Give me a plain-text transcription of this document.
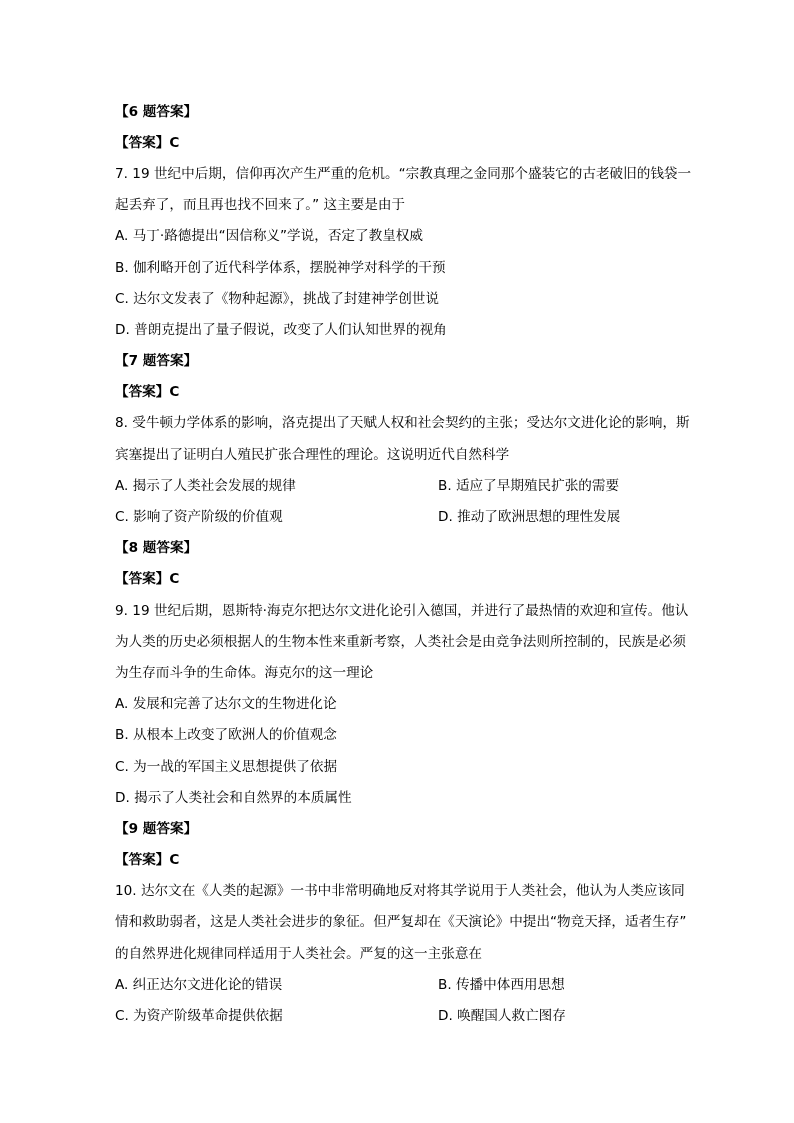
【6 题答案】
【答案】C
7. 19 世纪中后期，信仰再次产生严重的危机。“宗教真理之金同那个盛装它的古老破旧的钱袋一
起丢弃了，而且再也找不回来了。” 这主要是由于
A. 马丁·路德提出“因信称义”学说，否定了教皇权威
B. 伽利略开创了近代科学体系，摆脱神学对科学的干预
C. 达尔文发表了《物种起源》，挑战了封建神学创世说
D. 普朗克提出了量子假说，改变了人们认知世界的视角
【7 题答案】
【答案】C
8. 受牛顿力学体系的影响，洛克提出了天赋人权和社会契约的主张；受达尔文进化论的影响，斯
宾塞提出了证明白人殖民扩张合理性的理论。这说明近代自然科学
A. 揭示了人类社会发展的规律	B. 适应了早期殖民扩张的需要
C. 影响了资产阶级的价值观	D. 推动了欧洲思想的理性发展
【8 题答案】
【答案】C
9. 19 世纪后期，恩斯特·海克尔把达尔文进化论引入德国，并进行了最热情的欢迎和宣传。他认
为人类的历史必须根据人的生物本性来重新考察，人类社会是由竞争法则所控制的，民族是必须
为生存而斗争的生命体。海克尔的这一理论
A. 发展和完善了达尔文的生物进化论
B. 从根本上改变了欧洲人的价值观念
C. 为一战的军国主义思想提供了依据
D. 揭示了人类社会和自然界的本质属性
【9 题答案】
【答案】C
10. 达尔文在《人类的起源》一书中非常明确地反对将其学说用于人类社会，他认为人类应该同
情和救助弱者，这是人类社会进步的象征。但严复却在《天演论》中提出“物竞天择，适者生存”
的自然界进化规律同样适用于人类社会。严复的这一主张意在
A. 纠正达尔文进化论的错误	B. 传播中体西用思想
C. 为资产阶级革命提供依据	D. 唤醒国人救亡图存
